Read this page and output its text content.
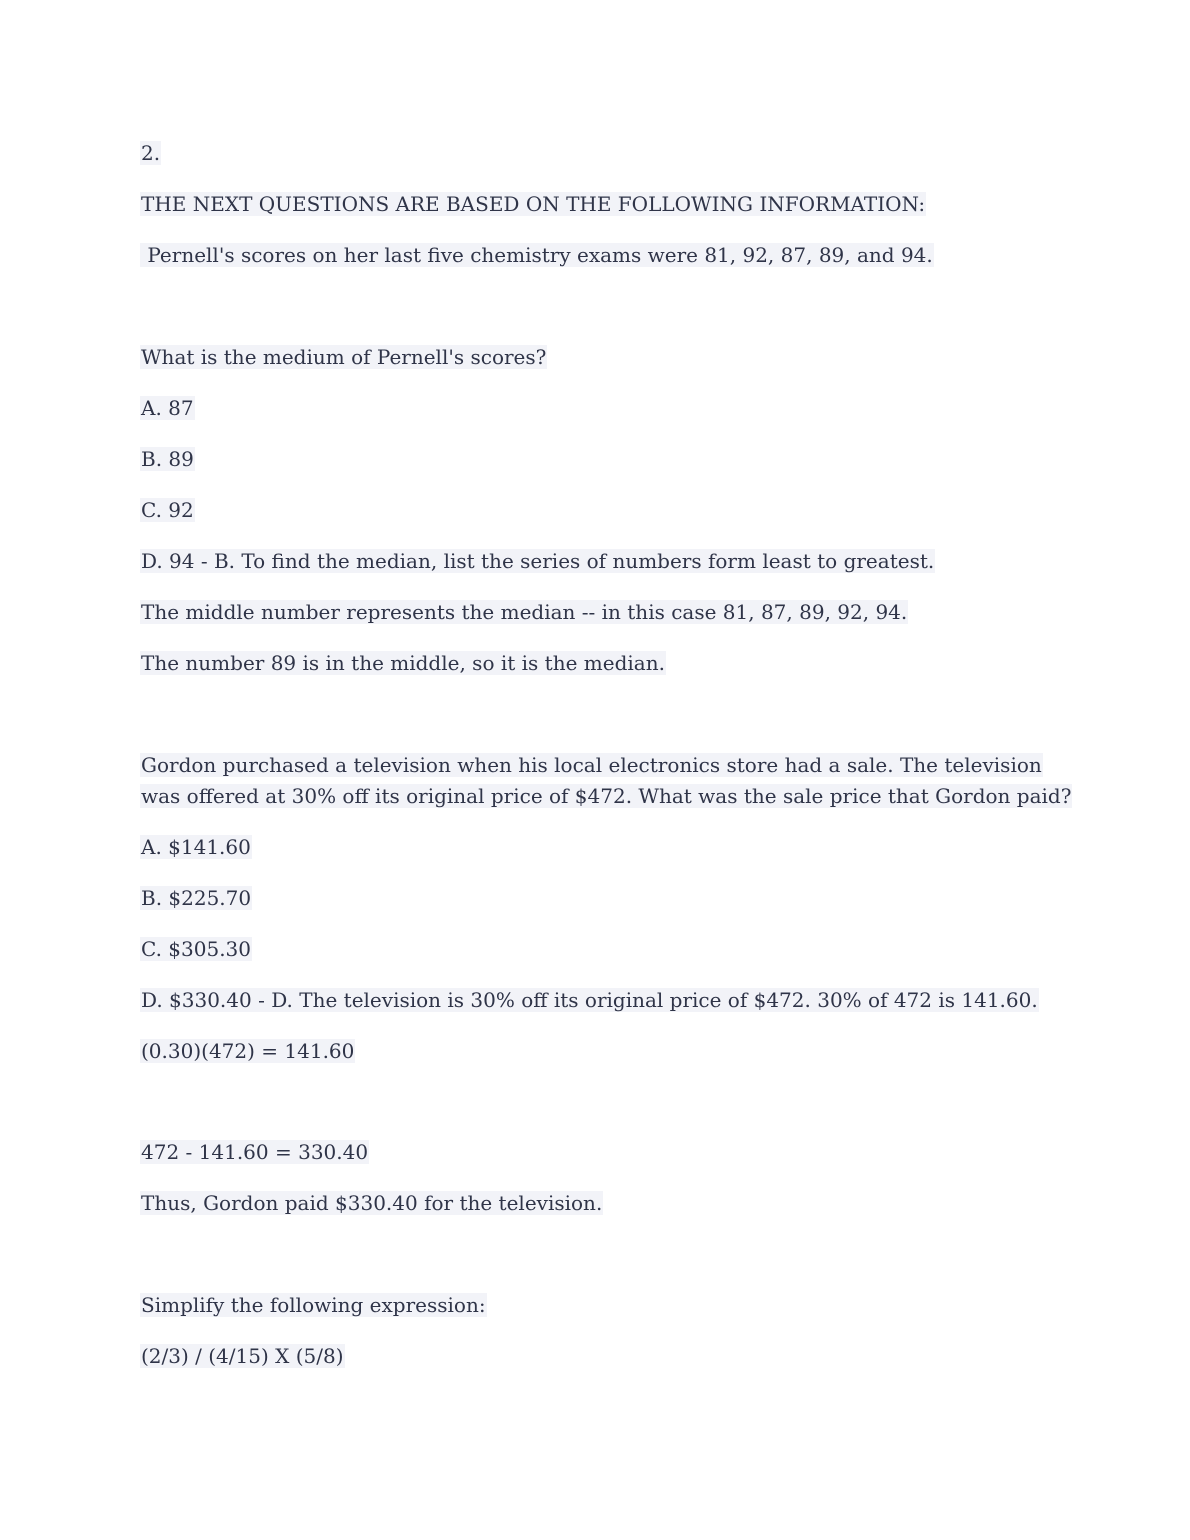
2.
THE NEXT QUESTIONS ARE BASED ON THE FOLLOWING INFORMATION:
Pernell's scores on her last five chemistry exams were 81, 92, 87, 89, and 94.
What is the medium of Pernell's scores?
A. 87
B. 89
C. 92
D. 94 - B. To find the median, list the series of numbers form least to greatest.
The middle number represents the median -- in this case 81, 87, 89, 92, 94.
The number 89 is in the middle, so it is the median.
Gordon purchased a television when his local electronics store had a sale. The television
was offered at 30% off its original price of $472. What was the sale price that Gordon paid?
A. $141.60
B. $225.70
C. $305.30
D. $330.40 - D. The television is 30% off its original price of $472. 30% of 472 is 141.60.
(0.30)(472) = 141.60
472 - 141.60 = 330.40
Thus, Gordon paid $330.40 for the television.
Simplify the following expression:
(2/3) / (4/15) X (5/8)
